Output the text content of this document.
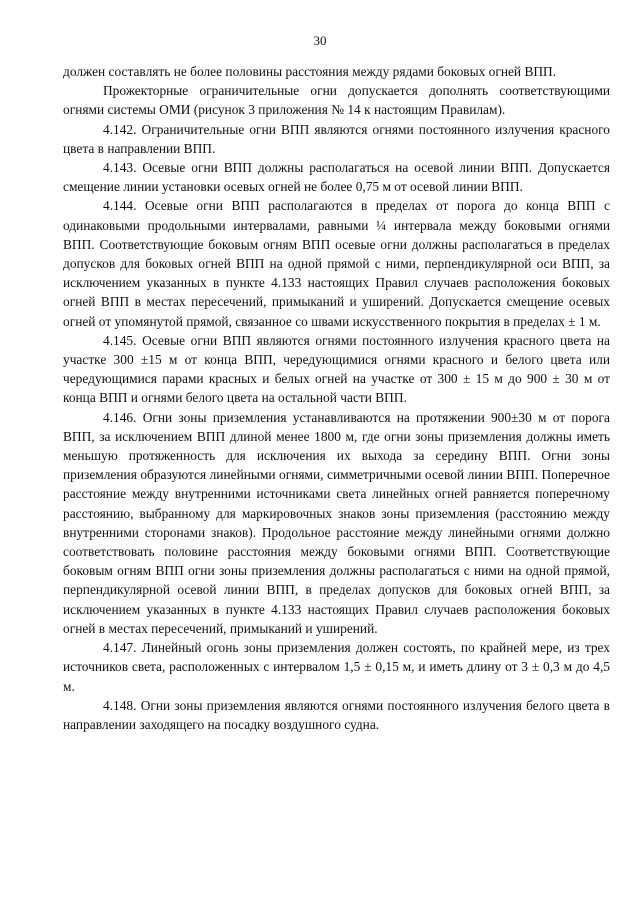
30

должен составлять не более половины расстояния между рядами боковых огней ВПП.

Прожекторные ограничительные огни допускается дополнять соответствующими огнями системы ОМИ (рисунок 3 приложения № 14 к настоящим Правилам).

4.142. Ограничительные огни ВПП являются огнями постоянного излучения красного цвета в направлении ВПП.

4.143. Осевые огни ВПП должны располагаться на осевой линии ВПП. Допускается смещение линии установки осевых огней не более 0,75 м от осевой линии ВПП.

4.144. Осевые огни ВПП располагаются в пределах от порога до конца ВПП с одинаковыми продольными интервалами, равными ¼ интервала между боковыми огнями ВПП. Соответствующие боковым огням ВПП осевые огни должны располагаться в пределах допусков для боковых огней ВПП на одной прямой с ними, перпендикулярной оси ВПП, за исключением указанных в пункте 4.133 настоящих Правил случаев расположения боковых огней ВПП в местах пересечений, примыканий и уширений. Допускается смещение осевых огней от упомянутой прямой, связанное со швами искусственного покрытия в пределах ± 1 м.

4.145. Осевые огни ВПП являются огнями постоянного излучения красного цвета на участке 300 ±15 м от конца ВПП, чередующимися огнями красного и белого цвета или чередующимися парами красных и белых огней на участке от 300 ± 15 м до 900 ± 30 м от конца ВПП и огнями белого цвета на остальной части ВПП.

4.146. Огни зоны приземления устанавливаются на протяжении 900±30 м от порога ВПП, за исключением ВПП длиной менее 1800 м, где огни зоны приземления должны иметь меньшую протяженность для исключения их выхода за середину ВПП. Огни зоны приземления образуются линейными огнями, симметричными осевой линии ВПП. Поперечное расстояние между внутренними источниками света линейных огней равняется поперечному расстоянию, выбранному для маркировочных знаков зоны приземления (расстоянию между внутренними сторонами знаков). Продольное расстояние между линейными огнями должно соответствовать половине расстояния между боковыми огнями ВПП. Соответствующие боковым огням ВПП огни зоны приземления должны располагаться с ними на одной прямой, перпендикулярной осевой линии ВПП, в пределах допусков для боковых огней ВПП, за исключением указанных в пункте 4.133 настоящих Правил случаев расположения боковых огней в местах пересечений, примыканий и уширений.

4.147. Линейный огонь зоны приземления должен состоять, по крайней мере, из трех источников света, расположенных с интервалом 1,5 ± 0,15 м, и иметь длину от 3 ± 0,3 м до 4,5 м.

4.148. Огни зоны приземления являются огнями постоянного излучения белого цвета в направлении заходящего на посадку воздушного судна.
